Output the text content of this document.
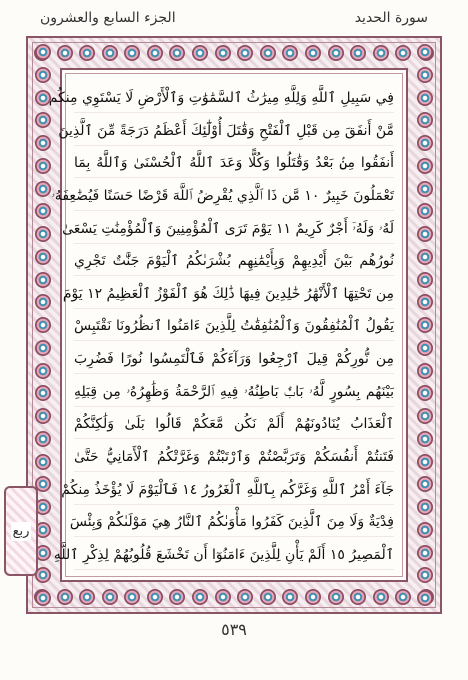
الجزء السابع والعشرون	سورة الحديد
فِي سَبِيلِ ٱللَّهِ وَلِلَّهِ مِيرَٰثُ ٱلسَّمَٰوَٰتِ وَٱلْأَرْضِ لَا يَسْتَوِي مِنكُم
مَّنْ أَنفَقَ مِن قَبْلِ ٱلْفَتْحِ وَقَٰتَلَ أُوْلَٰٓئِكَ أَعْظَمُ دَرَجَةً مِّنَ ٱلَّذِينَ
أَنفَقُوا مِنۢ بَعْدُ وَقَٰتَلُوا وَكُلًّا وَعَدَ ٱللَّهُ ٱلْحُسْنَىٰ وَٱللَّهُ بِمَا
تَعْمَلُونَ خَبِيرٌ ١٠ مَّن ذَا ٱلَّذِي يُقْرِضُ ٱللَّهَ قَرْضًا حَسَنًا فَيُضَٰعِفَهُۥ
لَهُۥ وَلَهُۥٓ أَجْرٌ كَرِيمٌ ١١ يَوْمَ تَرَى ٱلْمُؤْمِنِينَ وَٱلْمُؤْمِنَٰتِ يَسْعَىٰ
نُورُهُم بَيْنَ أَيْدِيهِمْ وَبِأَيْمَٰنِهِم بُشْرَىٰكُمُ ٱلْيَوْمَ جَنَّٰتٌ تَجْرِي
مِن تَحْتِهَا ٱلْأَنْهَٰرُ خَٰلِدِينَ فِيهَا ذَٰلِكَ هُوَ ٱلْفَوْزُ ٱلْعَظِيمُ ١٢ يَوْمَ
يَقُولُ ٱلْمُنَٰفِقُونَ وَٱلْمُنَٰفِقَٰتُ لِلَّذِينَ ءَامَنُوا ٱنظُرُونَا نَقْتَبِسْ
مِن نُّورِكُمْ قِيلَ ٱرْجِعُوا وَرَآءَكُمْ فَٱلْتَمِسُوا نُورًا فَضُرِبَ
بَيْنَهُم بِسُورٍ لَّهُۥ بَابٌۢ بَاطِنُهُۥ فِيهِ ٱلرَّحْمَةُ وَظَٰهِرُهُۥ مِن قِبَلِهِ
ٱلْعَذَابُ يُنَادُونَهُمْ أَلَمْ نَكُن مَّعَكُمْ قَالُوا بَلَىٰ وَلَٰكِنَّكُمْ
فَتَنتُمْ أَنفُسَكُمْ وَتَرَبَّصْتُمْ وَٱرْتَبْتُمْ وَغَرَّتْكُمُ ٱلْأَمَانِيُّ حَتَّىٰ
جَآءَ أَمْرُ ٱللَّهِ وَغَرَّكُم بِٱللَّهِ ٱلْغَرُورُ ١٤ فَٱلْيَوْمَ لَا يُؤْخَذُ مِنكُمْ
فِدْيَةٌ وَلَا مِنَ ٱلَّذِينَ كَفَرُوا مَأْوَىٰكُمُ ٱلنَّارُ هِيَ مَوْلَىٰكُمْ وَبِئْسَ
ٱلْمَصِيرُ ١٥ أَلَمْ يَأْنِ لِلَّذِينَ ءَامَنُوٓا أَن تَخْشَعَ قُلُوبُهُمْ لِذِكْرِ ٱللَّهِ
ربع
٥٣٩
